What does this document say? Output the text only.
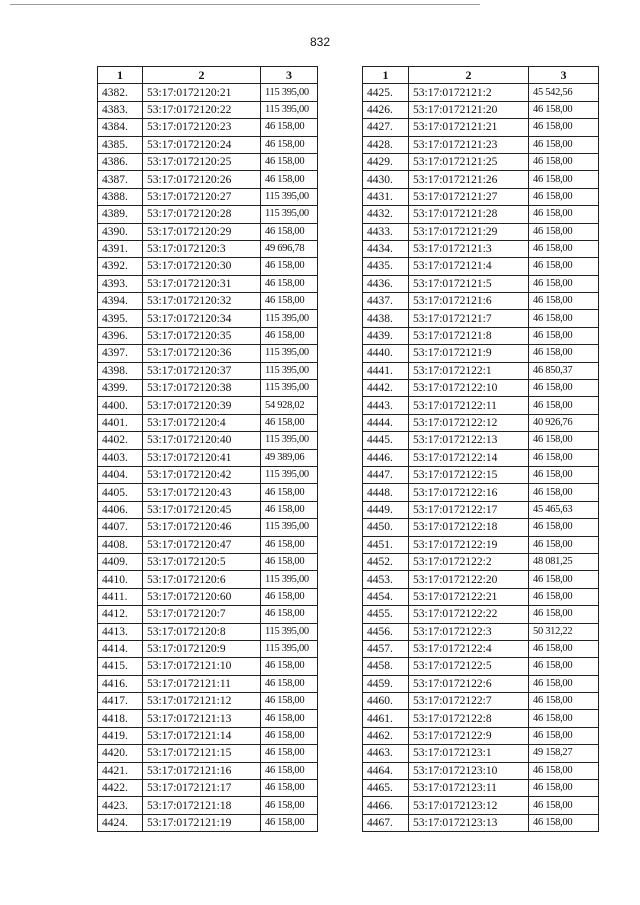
832
1	2	3
4382.	53:17:0172120:21	115 395,00
4383.	53:17:0172120:22	115 395,00
4384.	53:17:0172120:23	46 158,00
4385.	53:17:0172120:24	46 158,00
4386.	53:17:0172120:25	46 158,00
4387.	53:17:0172120:26	46 158,00
4388.	53:17:0172120:27	115 395,00
4389.	53:17:0172120:28	115 395,00
4390.	53:17:0172120:29	46 158,00
4391.	53:17:0172120:3	49 696,78
4392.	53:17:0172120:30	46 158,00
4393.	53:17:0172120:31	46 158,00
4394.	53:17:0172120:32	46 158,00
4395.	53:17:0172120:34	115 395,00
4396.	53:17:0172120:35	46 158,00
4397.	53:17:0172120:36	115 395,00
4398.	53:17:0172120:37	115 395,00
4399.	53:17:0172120:38	115 395,00
4400.	53:17:0172120:39	54 928,02
4401.	53:17:0172120:4	46 158,00
4402.	53:17:0172120:40	115 395,00
4403.	53:17:0172120:41	49 389,06
4404.	53:17:0172120:42	115 395,00
4405.	53:17:0172120:43	46 158,00
4406.	53:17:0172120:45	46 158,00
4407.	53:17:0172120:46	115 395,00
4408.	53:17:0172120:47	46 158,00
4409.	53:17:0172120:5	46 158,00
4410.	53:17:0172120:6	115 395,00
4411.	53:17:0172120:60	46 158,00
4412.	53:17:0172120:7	46 158,00
4413.	53:17:0172120:8	115 395,00
4414.	53:17:0172120:9	115 395,00
4415.	53:17:0172121:10	46 158,00
4416.	53:17:0172121:11	46 158,00
4417.	53:17:0172121:12	46 158,00
4418.	53:17:0172121:13	46 158,00
4419.	53:17:0172121:14	46 158,00
4420.	53:17:0172121:15	46 158,00
4421.	53:17:0172121:16	46 158,00
4422.	53:17:0172121:17	46 158,00
4423.	53:17:0172121:18	46 158,00
4424.	53:17:0172121:19	46 158,00
1	2	3
4425.	53:17:0172121:2	45 542,56
4426.	53:17:0172121:20	46 158,00
4427.	53:17:0172121:21	46 158,00
4428.	53:17:0172121:23	46 158,00
4429.	53:17:0172121:25	46 158,00
4430.	53:17:0172121:26	46 158,00
4431.	53:17:0172121:27	46 158,00
4432.	53:17:0172121:28	46 158,00
4433.	53:17:0172121:29	46 158,00
4434.	53:17:0172121:3	46 158,00
4435.	53:17:0172121:4	46 158,00
4436.	53:17:0172121:5	46 158,00
4437.	53:17:0172121:6	46 158,00
4438.	53:17:0172121:7	46 158,00
4439.	53:17:0172121:8	46 158,00
4440.	53:17:0172121:9	46 158,00
4441.	53:17:0172122:1	46 850,37
4442.	53:17:0172122:10	46 158,00
4443.	53:17:0172122:11	46 158,00
4444.	53:17:0172122:12	40 926,76
4445.	53:17:0172122:13	46 158,00
4446.	53:17:0172122:14	46 158,00
4447.	53:17:0172122:15	46 158,00
4448.	53:17:0172122:16	46 158,00
4449.	53:17:0172122:17	45 465,63
4450.	53:17:0172122:18	46 158,00
4451.	53:17:0172122:19	46 158,00
4452.	53:17:0172122:2	48 081,25
4453.	53:17:0172122:20	46 158,00
4454.	53:17:0172122:21	46 158,00
4455.	53:17:0172122:22	46 158,00
4456.	53:17:0172122:3	50 312,22
4457.	53:17:0172122:4	46 158,00
4458.	53:17:0172122:5	46 158,00
4459.	53:17:0172122:6	46 158,00
4460.	53:17:0172122:7	46 158,00
4461.	53:17:0172122:8	46 158,00
4462.	53:17:0172122:9	46 158,00
4463.	53:17:0172123:1	49 158,27
4464.	53:17:0172123:10	46 158,00
4465.	53:17:0172123:11	46 158,00
4466.	53:17:0172123:12	46 158,00
4467.	53:17:0172123:13	46 158,00
